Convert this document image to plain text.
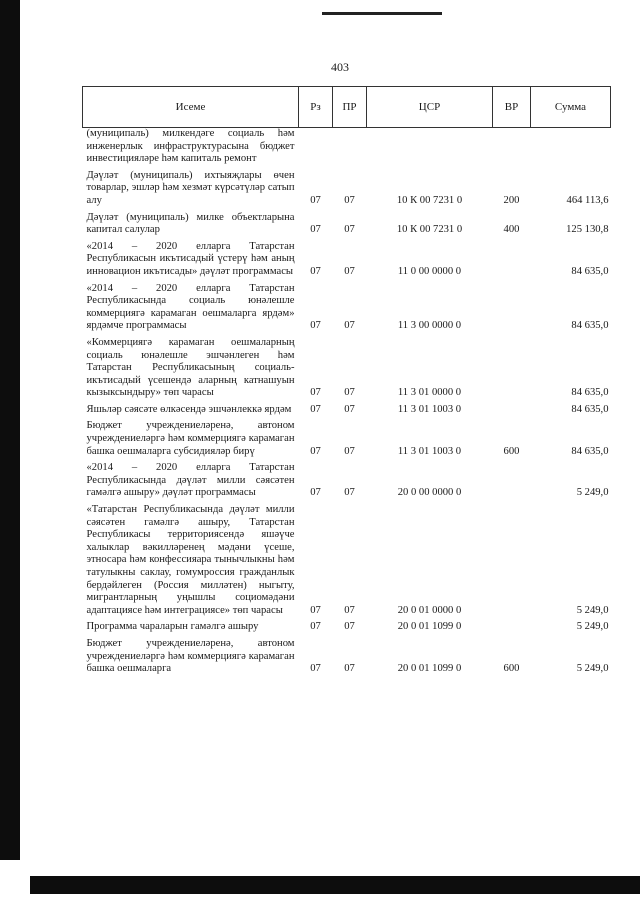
403
Исеме	Рз	ПР	ЦСР	ВР	Сумма
(муниципаль) милкендәге социаль һәм инженерлык инфраструктурасына бюджет инвестицияләре һәм капиталь ремонт					
Дәүләт (муниципаль) ихтыяҗлары өчен товарлар, эшләр һәм хезмәт күрсәтүләр сатып алу	07	07	10 К 00 7231 0	200	464 113,6
Дәүләт (муниципаль) милке объектларына капитал салулар	07	07	10 К 00 7231 0	400	125 130,8
«2014 – 2020 елларга Татарстан Республикасын икътисадый үстерү һәм аның инновацион икътисады» дәүләт программасы	07	07	11 0 00 0000 0		84 635,0
«2014 – 2020 елларга Татарстан Республикасында социаль юнәлешле коммерциягә карамаган оешмаларга ярдәм» ярдәмче программасы	07	07	11 3 00 0000 0		84 635,0
«Коммерциягә карамаган оешмаларның социаль юнәлешле эшчәнлеген һәм Татарстан Республикасының социаль-икътисадый үсешендә аларның катнашуын кызыксындыру» төп чарасы	07	07	11 3 01 0000 0		84 635,0
Яшьләр сәясәте өлкәсендә эшчәнлеккә ярдәм	07	07	11 3 01 1003 0		84 635,0
Бюджет учреждениеләренә, автоном учреждениеләргә һәм коммерциягә карамаган башка оешмаларга субсидияләр бирү	07	07	11 3 01 1003 0	600	84 635,0
«2014 – 2020 елларга Татарстан Республикасында дәүләт милли сәясәтен гамәлгә ашыру» дәүләт программасы	07	07	20 0 00 0000 0		5 249,0
«Татарстан Республикасында дәүләт милли сәясәтен гамәлгә ашыру, Татарстан Республикасы территориясендә яшәүче халыклар вәкилләренең мәдәни үсеше, этносара һәм конфессияара тынычлыкны һәм татулыкны саклау, гомумроссия гражданлык бердәйлеген (Россия милләтен) ныгыту, мигрантларның уңышлы социомәдәни адаптациясе һәм интеграциясе» төп чарасы	07	07	20 0 01 0000 0		5 249,0
Программа чараларын гамәлгә ашыру	07	07	20 0 01 1099 0		5 249,0
Бюджет учреждениеләренә, автоном учреждениеләргә һәм коммерциягә карамаган башка оешмаларга	07	07	20 0 01 1099 0	600	5 249,0
